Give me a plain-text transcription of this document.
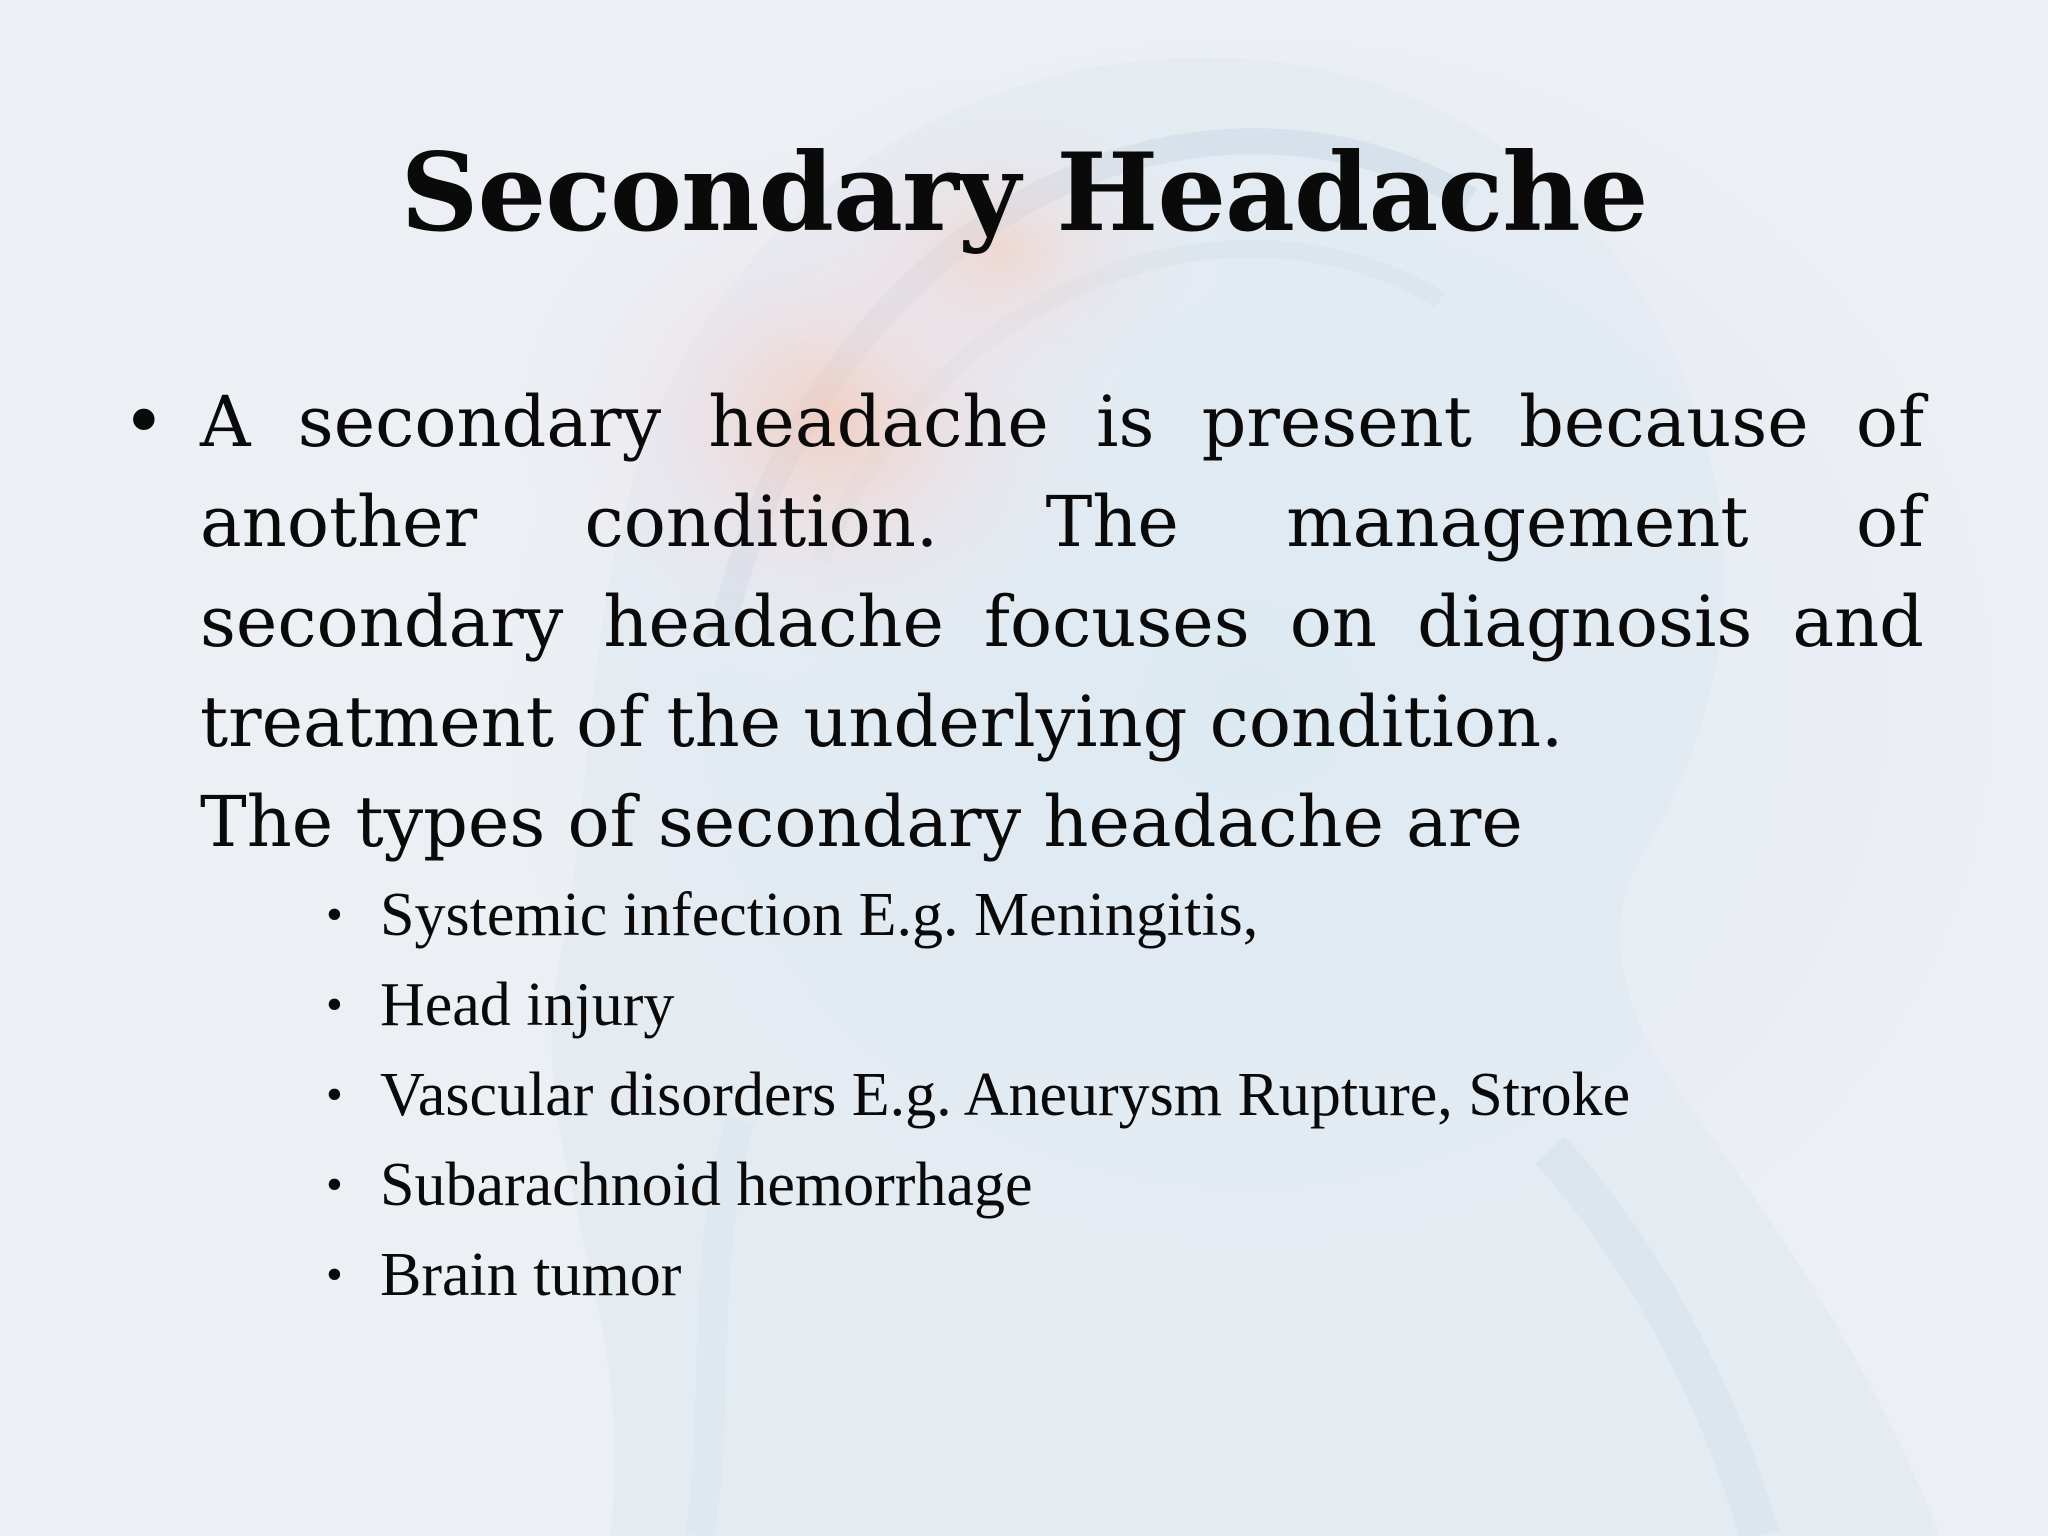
Secondary Headache
• A secondary headache is present because of another condition. The management of secondary headache focuses on diagnosis and treatment of the underlying condition.
The types of secondary headache are

• Systemic infection E.g. Meningitis,
• Head injury
• Vascular disorders E.g. Aneurysm Rupture, Stroke
• Subarachnoid hemorrhage
• Brain tumor
